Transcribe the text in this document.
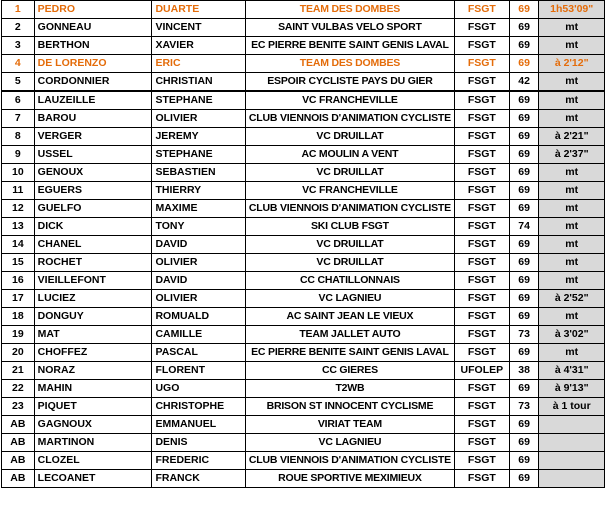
1	PEDRO	DUARTE	TEAM DES DOMBES	FSGT	69	1h53'09"
2	GONNEAU	VINCENT	SAINT VULBAS VELO SPORT	FSGT	69	mt
3	BERTHON	XAVIER	EC PIERRE BENITE SAINT GENIS LAVAL	FSGT	69	mt
4	DE LORENZO	ERIC	TEAM DES DOMBES	FSGT	69	à 2'12"
5	CORDONNIER	CHRISTIAN	ESPOIR CYCLISTE PAYS DU GIER	FSGT	42	mt
6	LAUZEILLE	STEPHANE	VC FRANCHEVILLE	FSGT	69	mt
7	BAROU	OLIVIER	CLUB VIENNOIS D'ANIMATION CYCLISTE	FSGT	69	mt
8	VERGER	JEREMY	VC DRUILLAT	FSGT	69	à 2'21"
9	USSEL	STEPHANE	AC MOULIN A VENT	FSGT	69	à 2'37"
10	GENOUX	SEBASTIEN	VC DRUILLAT	FSGT	69	mt
11	EGUERS	THIERRY	VC FRANCHEVILLE	FSGT	69	mt
12	GUELFO	MAXIME	CLUB VIENNOIS D'ANIMATION CYCLISTE	FSGT	69	mt
13	DICK	TONY	SKI CLUB FSGT	FSGT	74	mt
14	CHANEL	DAVID	VC DRUILLAT	FSGT	69	mt
15	ROCHET	OLIVIER	VC DRUILLAT	FSGT	69	mt
16	VIEILLEFONT	DAVID	CC CHATILLONNAIS	FSGT	69	mt
17	LUCIEZ	OLIVIER	VC LAGNIEU	FSGT	69	à 2'52"
18	DONGUY	ROMUALD	AC SAINT JEAN LE VIEUX	FSGT	69	mt
19	MAT	CAMILLE	TEAM JALLET AUTO	FSGT	73	à 3'02"
20	CHOFFEZ	PASCAL	EC PIERRE BENITE SAINT GENIS LAVAL	FSGT	69	mt
21	NORAZ	FLORENT	CC GIERES	UFOLEP	38	à 4'31"
22	MAHIN	UGO	T2WB	FSGT	69	à 9'13"
23	PIQUET	CHRISTOPHE	BRISON ST INNOCENT CYCLISME	FSGT	73	à 1 tour
AB	GAGNOUX	EMMANUEL	VIRIAT TEAM	FSGT	69	
AB	MARTINON	DENIS	VC LAGNIEU	FSGT	69	
AB	CLOZEL	FREDERIC	CLUB VIENNOIS D'ANIMATION CYCLISTE	FSGT	69	
AB	LECOANET	FRANCK	ROUE SPORTIVE MEXIMIEUX	FSGT	69	
